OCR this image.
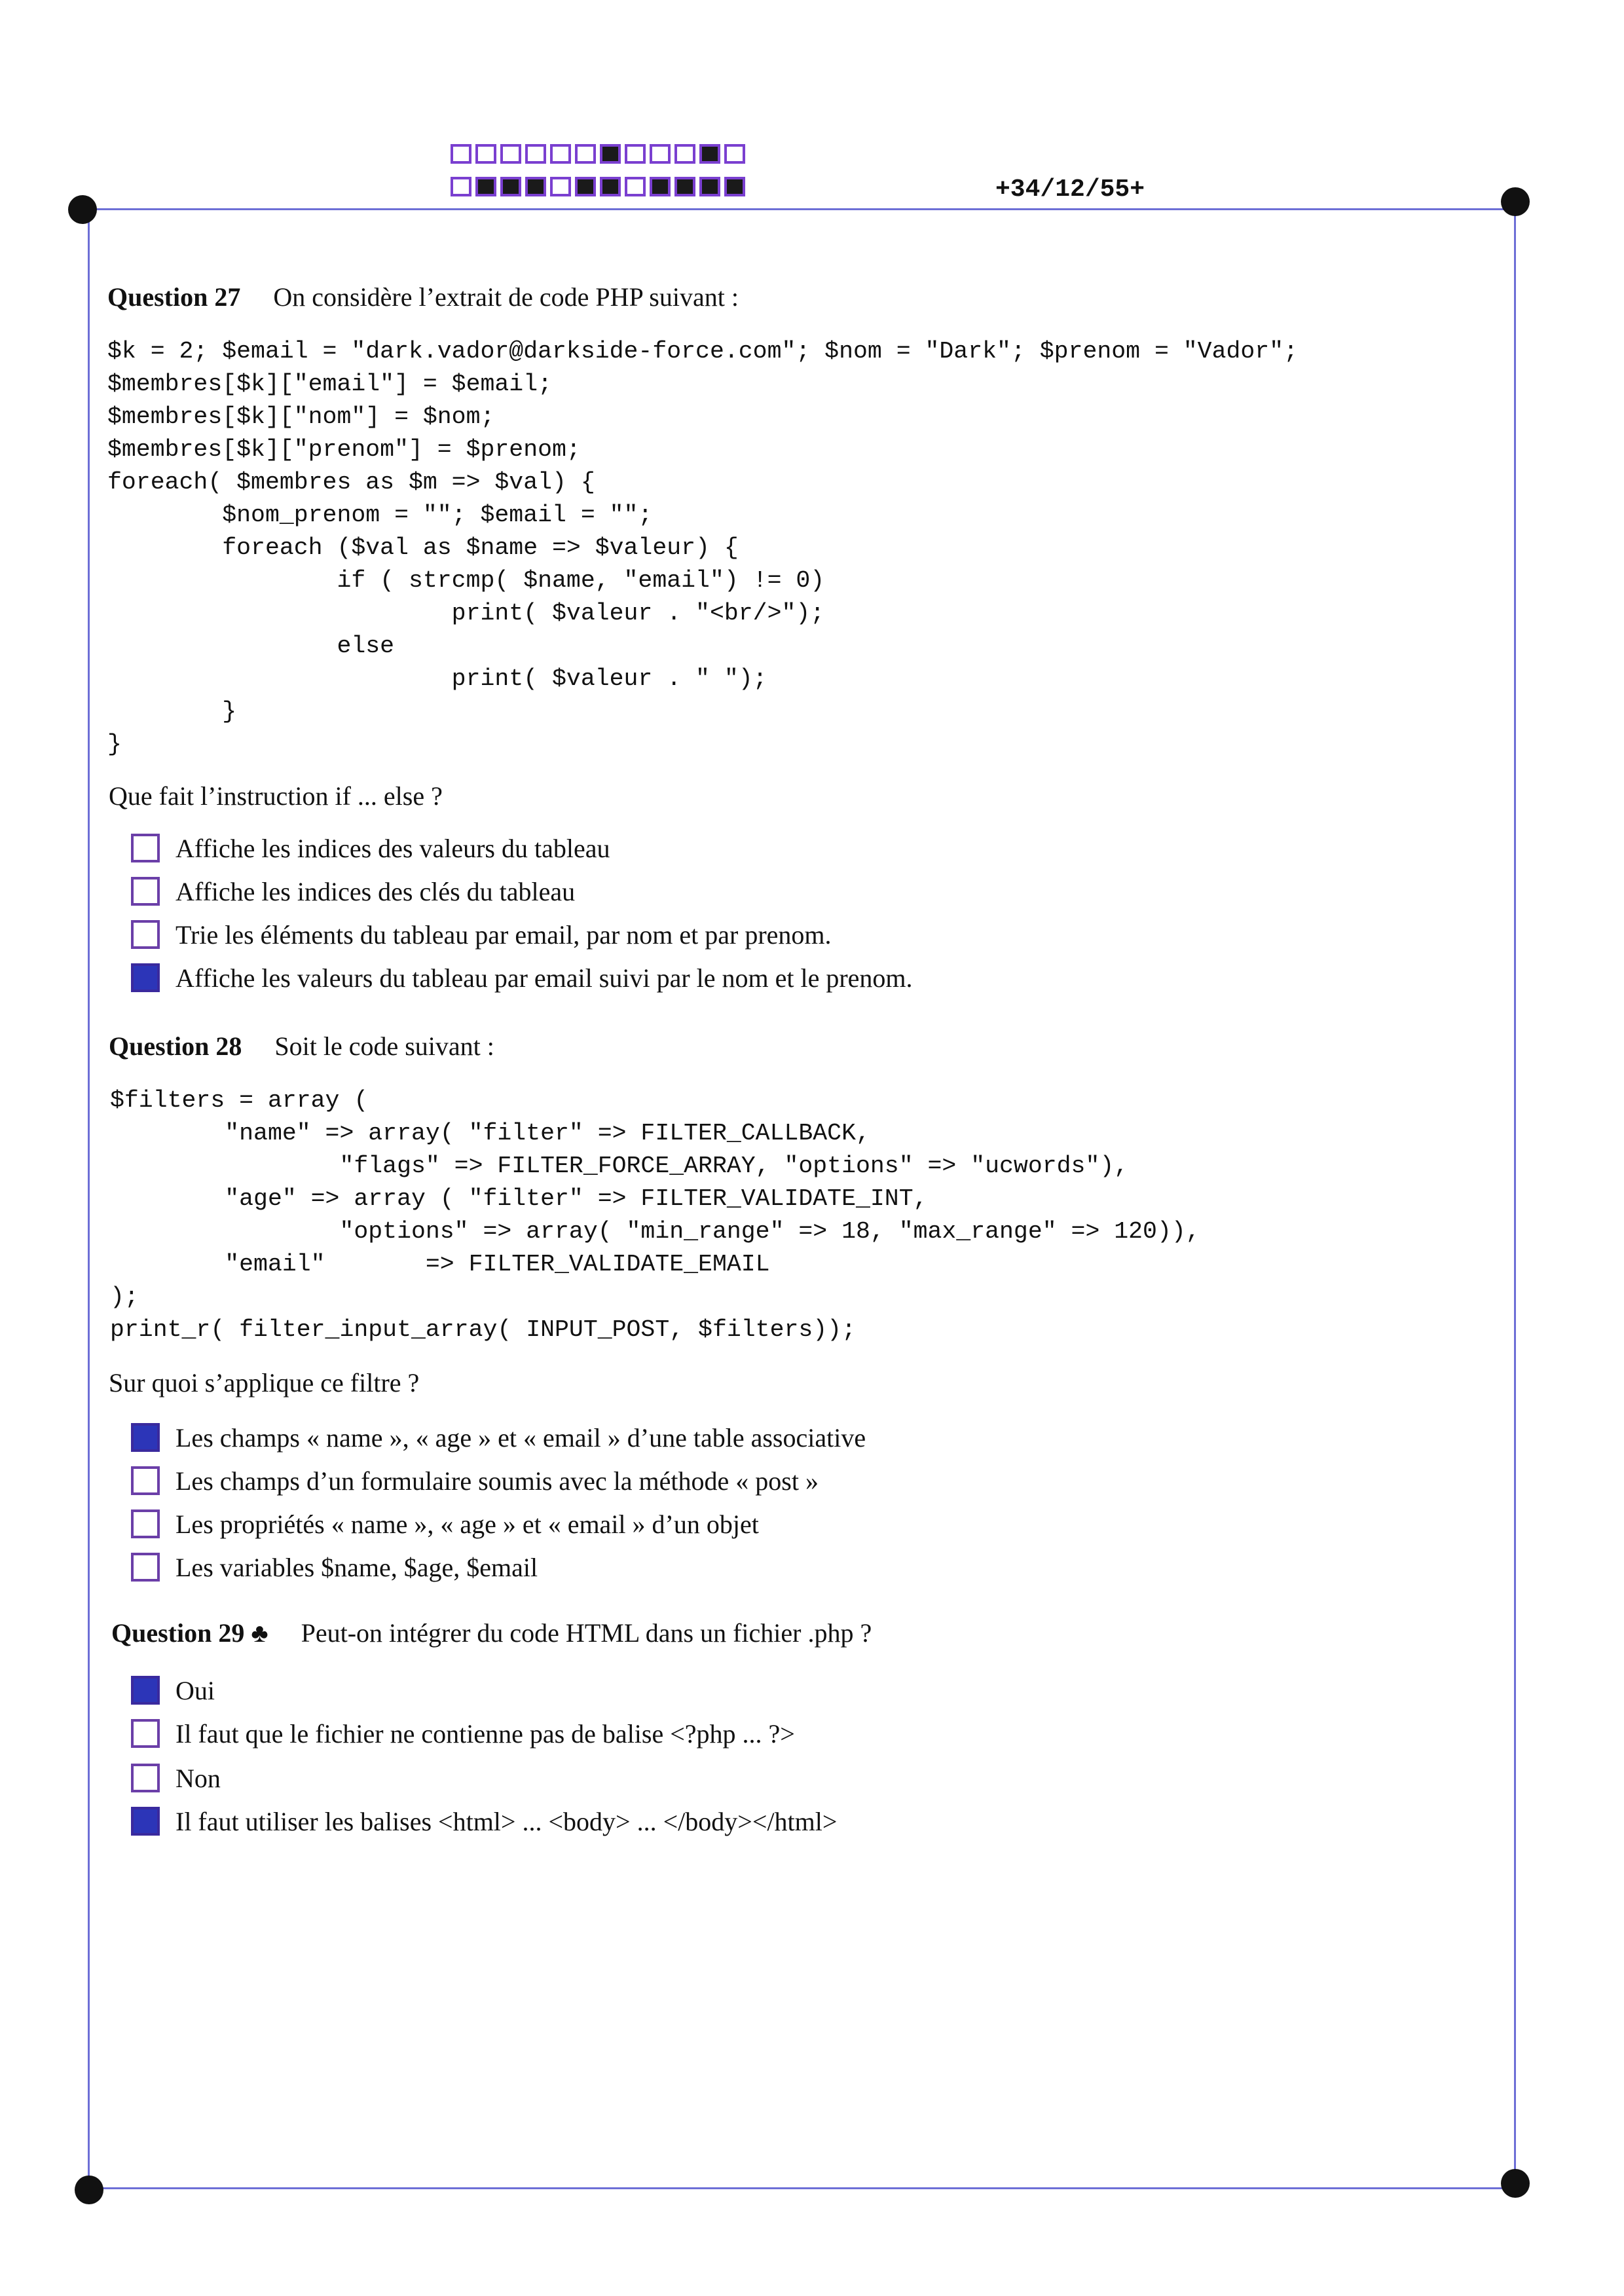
+34/12/55+
Question 27 On considère l’extrait de code PHP suivant :
$k = 2; $email = "dark.vador@darkside-force.com"; $nom = "Dark"; $prenom = "Vador";
$membres[$k]["email"] = $email;
$membres[$k]["nom"] = $nom;
$membres[$k]["prenom"] = $prenom;
foreach( $membres as $m => $val) {
$nom_prenom = ""; $email = "";
foreach ($val as $name => $valeur) {
if ( strcmp( $name, "email") != 0)
print( $valeur . "<br/>");
else
print( $valeur . " ");
}
}
Que fait l’instruction if ... else ?
Affiche les indices des valeurs du tableau
Affiche les indices des clés du tableau
Trie les éléments du tableau par email, par nom et par prenom.
Affiche les valeurs du tableau par email suivi par le nom et le prenom.
Question 28 Soit le code suivant :
$filters = array (
"name" => array( "filter" => FILTER_CALLBACK,
"flags" => FILTER_FORCE_ARRAY, "options" => "ucwords"),
"age" => array ( "filter" => FILTER_VALIDATE_INT,
"options" => array( "min_range" => 18, "max_range" => 120)),
"email"       => FILTER_VALIDATE_EMAIL
);
print_r( filter_input_array( INPUT_POST, $filters));
Sur quoi s’applique ce filtre ?
Les champs « name », « age » et « email » d’une table associative
Les champs d’un formulaire soumis avec la méthode « post »
Les propriétés « name », « age » et « email » d’un objet
Les variables $name, $age, $email
Question 29 ♣ Peut-on intégrer du code HTML dans un fichier .php ?
Oui
Il faut que le fichier ne contienne pas de balise <?php ... ?>
Non
Il faut utiliser les balises <html> ... <body> ... </body></html>
